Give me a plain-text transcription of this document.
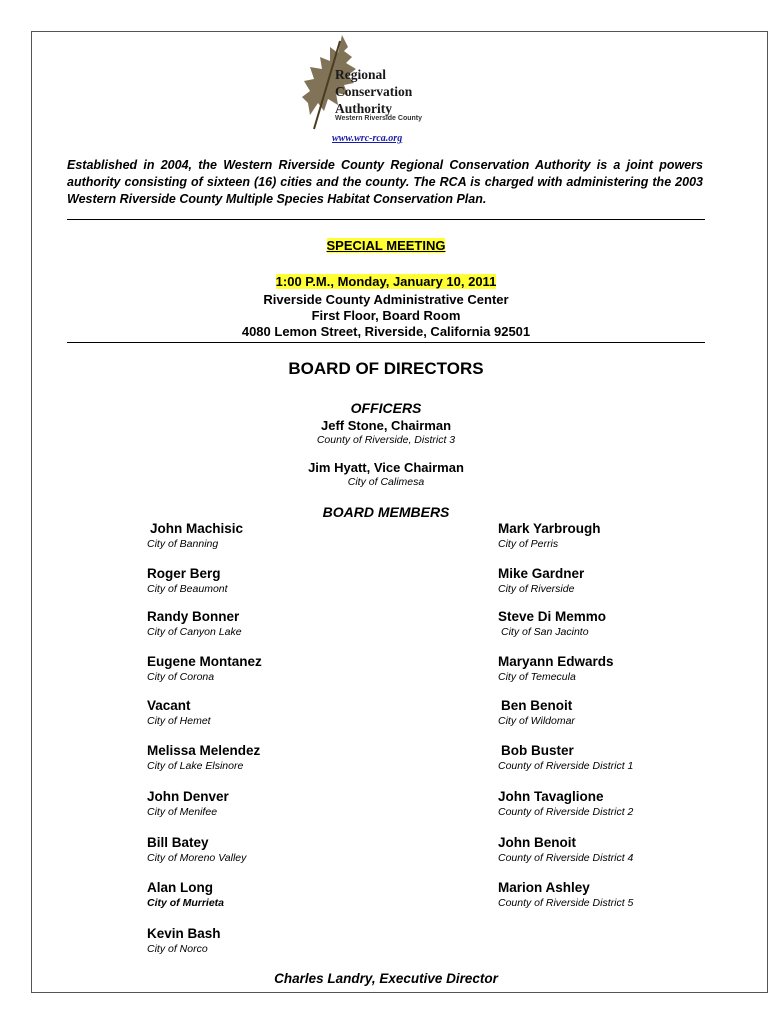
Regional
Conservation
Authority
Western Riverside County
www.wrc-rca.org
Established in 2004, the Western Riverside County Regional Conservation Authority is a joint powers authority consisting of sixteen (16) cities and the county. The RCA is charged with administering the 2003 Western Riverside County Multiple Species Habitat Conservation Plan.
SPECIAL MEETING
1:00 P.M., Monday, January 10, 2011
Riverside County Administrative Center
First Floor, Board Room
4080 Lemon Street, Riverside, California 92501
BOARD OF DIRECTORS
OFFICERS
Jeff Stone, Chairman
County of Riverside, District 3
Jim Hyatt, Vice Chairman
City of Calimesa
BOARD MEMBERS
John Machisic
City of Banning
Roger Berg
City of Beaumont
Randy Bonner
City of Canyon Lake
Eugene Montanez
City of Corona
Vacant
City of Hemet
Melissa Melendez
City of Lake Elsinore
John Denver
City of Menifee
Bill Batey
City of Moreno Valley
Alan Long
City of Murrieta
Kevin Bash
City of Norco
Mark Yarbrough
City of Perris
Mike Gardner
City of Riverside
Steve Di Memmo
City of San Jacinto
Maryann Edwards
City of Temecula
Ben Benoit
City of Wildomar
Bob Buster
County of Riverside District 1
John Tavaglione
County of Riverside District 2
John Benoit
County of Riverside District 4
Marion Ashley
County of Riverside District 5
Charles Landry, Executive Director
